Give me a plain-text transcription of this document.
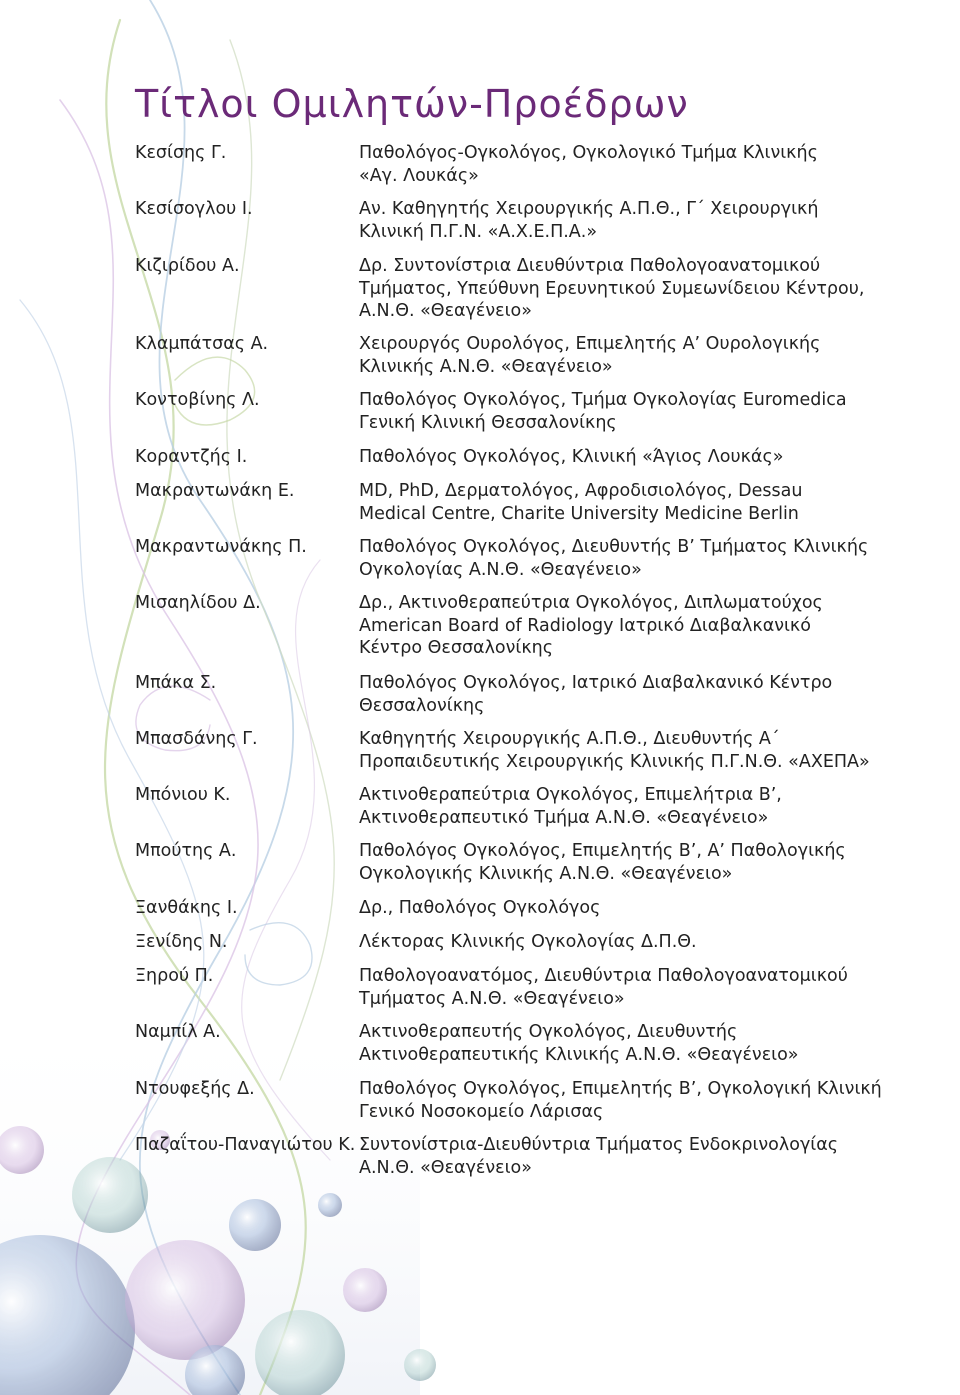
Τίτλοι Ομιλητών-Προέδρων
Κεσίσης Γ.	Παθολόγος-Ογκολόγος, Ογκολογικό Τμήμα Κλινικής
«Αγ. Λουκάς»
Κεσίσογλου Ι.	Αν. Καθηγητής Χειρουργικής Α.Π.Θ., Γ΄ Χειρουργική
Κλινική Π.Γ.Ν. «Α.Χ.Ε.Π.Α.»
Κιζιρίδου Α.	Δρ. Συντονίστρια Διευθύντρια Παθολογοανατομικού
Τμήματος, Υπεύθυνη Ερευνητικού Συμεωνίδειου Κέντρου,
Α.Ν.Θ. «Θεαγένειο»
Κλαμπάτσας Α.	Χειρουργός Ουρολόγος, Επιμελητής Α’ Ουρολογικής
Κλινικής Α.Ν.Θ. «Θεαγένειο»
Κοντοβίνης Λ.	Παθολόγος Ογκολόγος, Τμήμα Ογκολογίας Euromedica
Γενική Κλινική Θεσσαλονίκης
Κοραντζής Ι.	Παθολόγος Ογκολόγος, Κλινική «Άγιος Λουκάς»
Μακραντωνάκη Ε.	MD, PhD, Δερματολόγος, Αφροδισιολόγος, Dessau
Medical Centre, Charite University Medicine Berlin
Μακραντωνάκης Π.	Παθολόγος Ογκολόγος, Διευθυντής Β’ Τμήματος Κλινικής
Ογκολογίας Α.Ν.Θ. «Θεαγένειο»
Μισαηλίδου Δ.	Δρ., Ακτινοθεραπεύτρια Ογκολόγος, Διπλωματούχος
American Board of Radiology Ιατρικό Διαβαλκανικό
Κέντρο Θεσσαλονίκης
Μπάκα Σ.	Παθολόγος Ογκολόγος, Ιατρικό Διαβαλκανικό Κέντρο
Θεσσαλονίκης
Μπασδάνης Γ.	Καθηγητής Χειρουργικής Α.Π.Θ., Διευθυντής Α΄
Προπαιδευτικής Χειρουργικής Κλινικής Π.Γ.Ν.Θ. «ΑΧΕΠΑ»
Μπόνιου Κ.	Ακτινοθεραπεύτρια Ογκολόγος, Επιμελήτρια Β’,
Ακτινοθεραπευτικό Τμήμα Α.Ν.Θ. «Θεαγένειο»
Μπούτης Α.	Παθολόγος Ογκολόγος, Επιμελητής Β’, Α’ Παθολογικής
Ογκολογικής Κλινικής Α.Ν.Θ. «Θεαγένειο»
Ξανθάκης Ι.	Δρ., Παθολόγος Ογκολόγος
Ξενίδης Ν.	Λέκτορας Κλινικής Ογκολογίας Δ.Π.Θ.
Ξηρού Π.	Παθολογοανατόμος, Διευθύντρια Παθολογοανατομικού
Τμήματος Α.Ν.Θ. «Θεαγένειο»
Ναμπίλ Α.	Ακτινοθεραπευτής Ογκολόγος, Διευθυντής
Ακτινοθεραπευτικής Κλινικής Α.Ν.Θ. «Θεαγένειο»
Ντουφεξής Δ.	Παθολόγος Ογκολόγος, Επιμελητής Β’, Ογκολογική Κλινική
Γενικό Νοσοκομείο Λάρισας
Παζαΐτου-Παναγιώτου Κ. Συντονίστρια-Διευθύντρια Τμήματος Ενδοκρινολογίας
Α.Ν.Θ. «Θεαγένειο»
